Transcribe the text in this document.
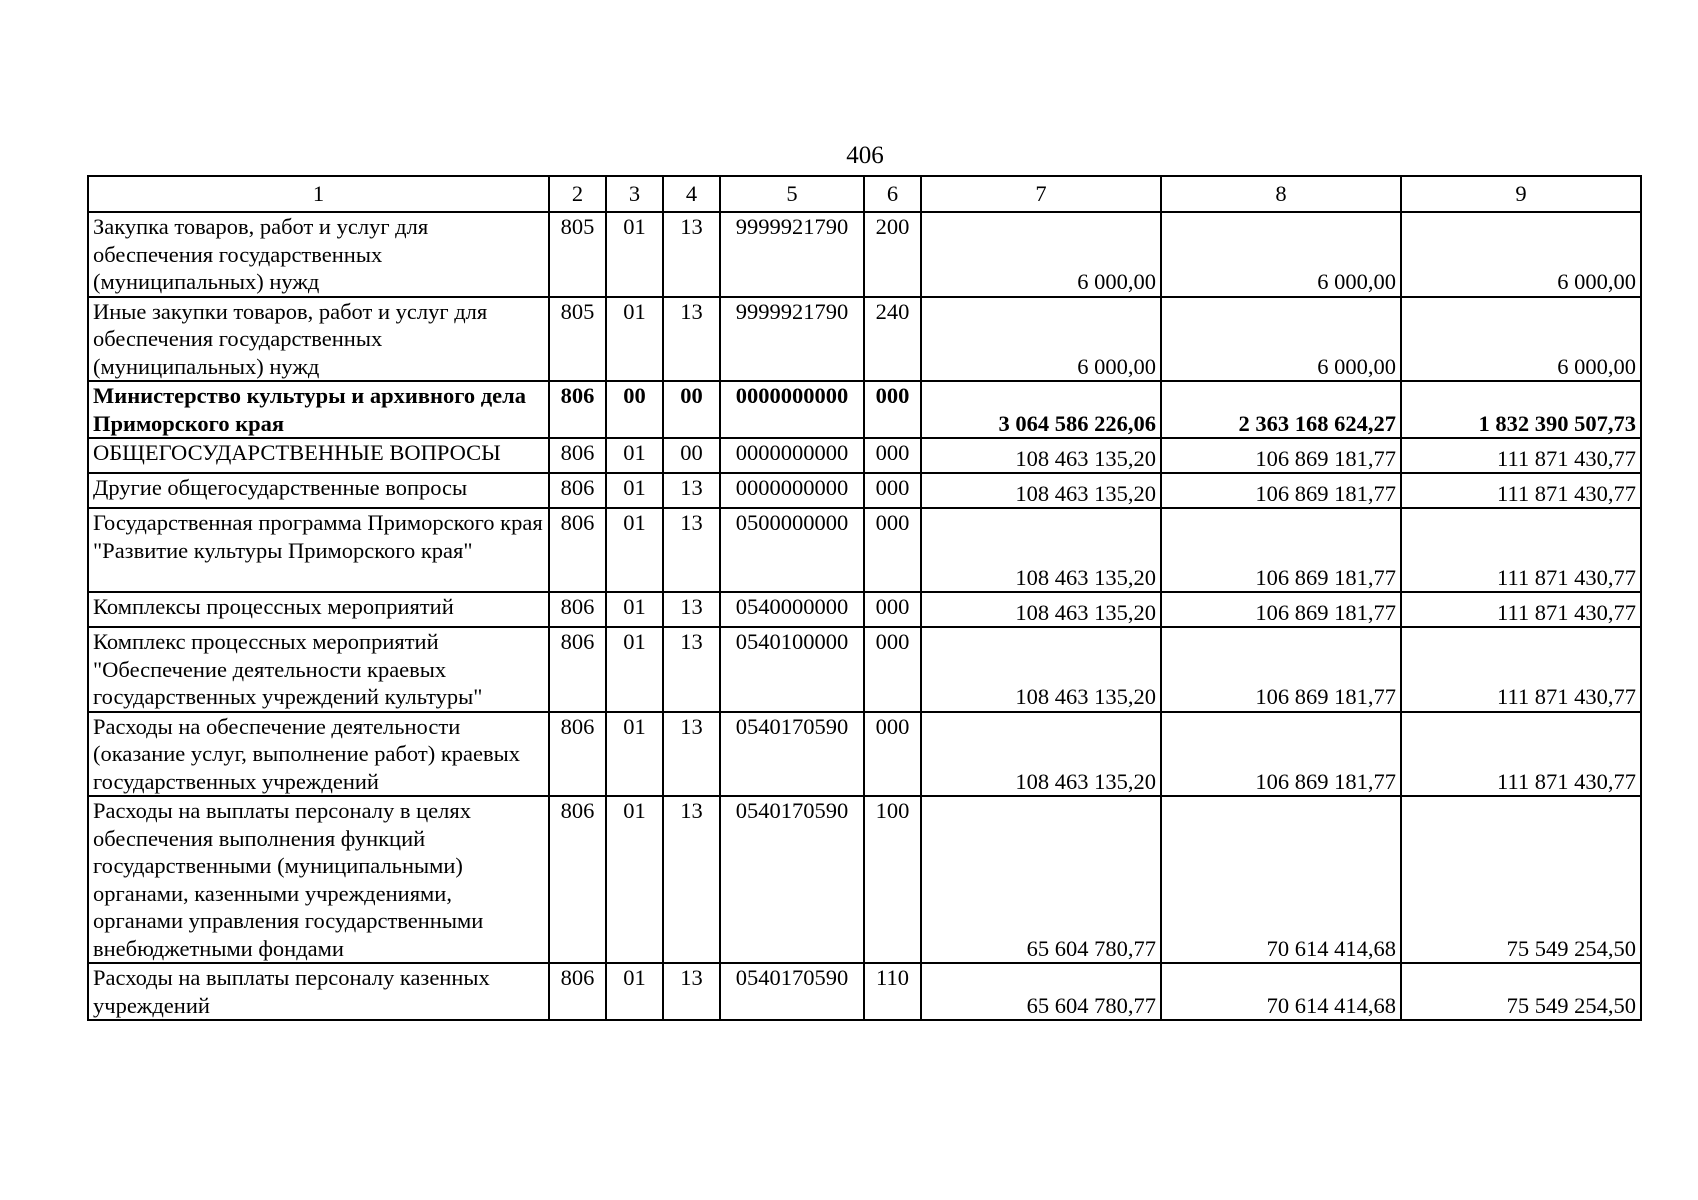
406
1	2	3	4	5	6	7	8	9
Закупка товаров, работ и услуг для обеспечения государственных (муниципальных) нужд	805	01	13	9999921790	200	6 000,00	6 000,00	6 000,00
Иные закупки товаров, работ и услуг для обеспечения государственных (муниципальных) нужд	805	01	13	9999921790	240	6 000,00	6 000,00	6 000,00
Министерство культуры и архивного дела Приморского края	806	00	00	0000000000	000	3 064 586 226,06	2 363 168 624,27	1 832 390 507,73
ОБЩЕГОСУДАРСТВЕННЫЕ ВОПРОСЫ	806	01	00	0000000000	000	108 463 135,20	106 869 181,77	111 871 430,77
Другие общегосударственные вопросы	806	01	13	0000000000	000	108 463 135,20	106 869 181,77	111 871 430,77
Государственная программа Приморского края "Развитие культуры Приморского края"	806	01	13	0500000000	000	108 463 135,20	106 869 181,77	111 871 430,77
Комплексы процессных мероприятий	806	01	13	0540000000	000	108 463 135,20	106 869 181,77	111 871 430,77
Комплекс процессных мероприятий "Обеспечение деятельности краевых государственных учреждений культуры"	806	01	13	0540100000	000	108 463 135,20	106 869 181,77	111 871 430,77
Расходы на обеспечение деятельности (оказание услуг, выполнение работ) краевых государственных учреждений	806	01	13	0540170590	000	108 463 135,20	106 869 181,77	111 871 430,77
Расходы на выплаты персоналу в целях обеспечения выполнения функций государственными (муниципальными) органами, казенными учреждениями, органами управления государственными внебюджетными фондами	806	01	13	0540170590	100	65 604 780,77	70 614 414,68	75 549 254,50
Расходы на выплаты персоналу казенных учреждений	806	01	13	0540170590	110	65 604 780,77	70 614 414,68	75 549 254,50
